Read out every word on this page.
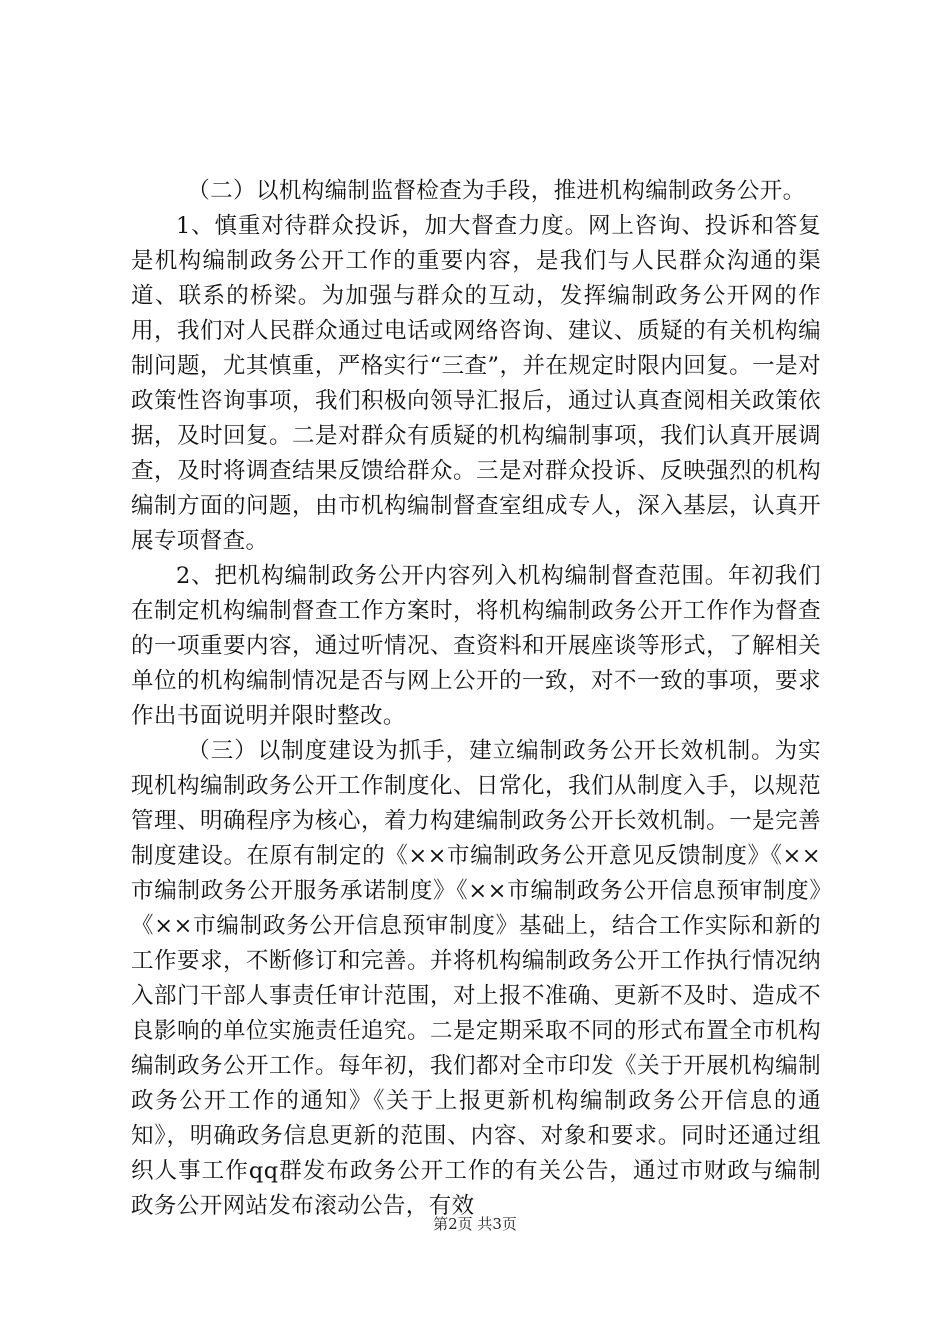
（二）以机构编制监督检查为手段，推进机构编制政务公开。

1、慎重对待群众投诉，加大督查力度。网上咨询、投诉和答复是机构编制政务公开工作的重要内容，是我们与人民群众沟通的渠道、联系的桥梁。为加强与群众的互动，发挥编制政务公开网的作用，我们对人民群众通过电话或网络咨询、建议、质疑的有关机构编制问题，尤其慎重，严格实行“三查”，并在规定时限内回复。一是对政策性咨询事项，我们积极向领导汇报后，通过认真查阅相关政策依据，及时回复。二是对群众有质疑的机构编制事项，我们认真开展调查，及时将调查结果反馈给群众。三是对群众投诉、反映强烈的机构编制方面的问题，由市机构编制督查室组成专人，深入基层，认真开展专项督查。

2、把机构编制政务公开内容列入机构编制督查范围。年初我们在制定机构编制督查工作方案时，将机构编制政务公开工作作为督查的一项重要内容，通过听情况、查资料和开展座谈等形式，了解相关单位的机构编制情况是否与网上公开的一致，对不一致的事项，要求作出书面说明并限时整改。

（三）以制度建设为抓手，建立编制政务公开长效机制。为实现机构编制政务公开工作制度化、日常化，我们从制度入手，以规范管理、明确程序为核心，着力构建编制政务公开长效机制。一是完善制度建设。在原有制定的《××市编制政务公开意见反馈制度》《××市编制政务公开服务承诺制度》《××市编制政务公开信息预审制度》《××市编制政务公开信息预审制度》基础上，结合工作实际和新的工作要求，不断修订和完善。并将机构编制政务公开工作执行情况纳入部门干部人事责任审计范围，对上报不准确、更新不及时、造成不良影响的单位实施责任追究。二是定期采取不同的形式布置全市机构编制政务公开工作。每年初，我们都对全市印发《关于开展机构编制政务公开工作的通知》《关于上报更新机构编制政务公开信息的通知》，明确政务信息更新的范围、内容、对象和要求。同时还通过组织人事工作qq群发布政务公开工作的有关公告，通过市财政与编制政务公开网站发布滚动公告，有效

第2页 共3页
